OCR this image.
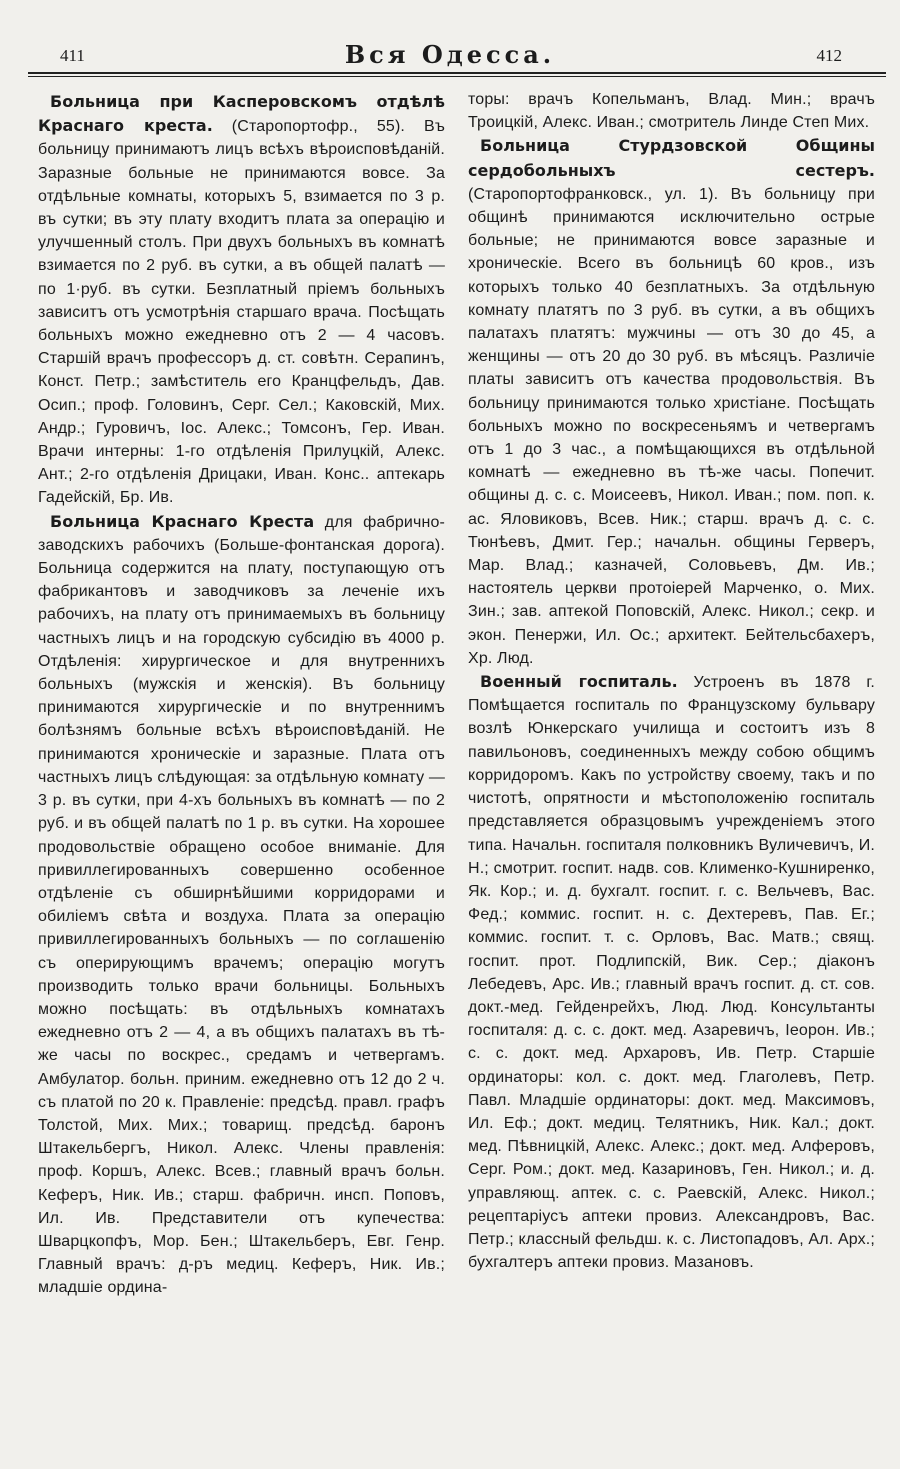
411	Вся Одесса.	412

Больница при Касперовскомъ отдѣлѣ Краснаго креста. (Старопортофр., 55). Въ больницу принимаютъ лицъ всѣхъ вѣроисповѣданій. Заразные больные не принимаются вовсе. За отдѣльные комнаты, которыхъ 5, взимается по 3 р. въ сутки; въ эту плату входитъ плата за операцію и улучшенный столъ. При двухъ больныхъ въ комнатѣ взимается по 2 руб. въ сутки, а въ общей палатѣ — по 1·руб. въ сутки. Безплатный пріемъ больныхъ зависитъ отъ усмотрѣнія старшаго врача. Посѣщать больныхъ можно ежедневно отъ 2 — 4 часовъ. Старшій врачъ профессоръ д. ст. совѣтн. Серапинъ, Конст. Петр.; замѣститель его Кранцфельдъ, Дав. Осип.; проф. Головинъ, Серг. Сел.; Каковскій, Мих. Андр.; Гуровичъ, Іос. Алекс.; Томсонъ, Гер. Иван. Врачи интерны: 1-го отдѣленія Прилуцкій, Алекс. Ант.; 2-го отдѣленія Дрицаки, Иван. Конс.. аптекарь Гадейскій, Бр. Ив.

Больница Краснаго Креста для фабрично-заводскихъ рабочихъ (Больше-фонтанская дорога). Больница содержится на плату, поступающую отъ фабрикантовъ и заводчиковъ за леченіе ихъ рабочихъ, на плату отъ принимаемыхъ въ больницу частныхъ лицъ и на городскую субсидію въ 4000 р. Отдѣленія: хирургическое и для внутреннихъ больныхъ (мужскія и женскія). Въ больницу принимаются хирургическіе и по внутреннимъ болѣзнямъ больные всѣхъ вѣроисповѣданій. Не принимаются хроническіе и заразные. Плата отъ частныхъ лицъ слѣдующая: за отдѣльную комнату — 3 р. въ сутки, при 4-хъ больныхъ въ комнатѣ — по 2 руб. и въ общей палатѣ по 1 р. въ сутки. На хорошее продовольствіе обращено особое вниманіе. Для привиллегированныхъ совершенно особенное отдѣленіе съ обширнѣйшими корридорами и обиліемъ свѣта и воздуха. Плата за операцію привиллегированныхъ больныхъ — по соглашенію съ оперирующимъ врачемъ; операцію могутъ производить только врачи больницы. Больныхъ можно посѣщать: въ отдѣльныхъ комнатахъ ежедневно отъ 2 — 4, а въ общихъ палатахъ въ тѣ-же часы по воскрес., средамъ и четвергамъ. Амбулатор. больн. приним. ежедневно отъ 12 до 2 ч. съ платой по 20 к. Правленіе: предсѣд. правл. графъ Толстой, Мих. Мих.; товарищ. предсѣд. баронъ Штакельбергъ, Никол. Алекс. Члены правленія: проф. Коршъ, Алекс. Всев.; главный врачъ больн. Кеферъ, Ник. Ив.; старш. фабричн. инсп. Поповъ, Ил. Ив. Представители отъ купечества: Шварцкопфъ, Мор. Бен.; Штакельберъ, Евг. Генр. Главный врачъ: д-ръ медиц. Кеферъ, Ник. Ив.; младшіе ордина-

торы: врачъ Копельманъ, Влад. Мин.; врачъ Троицкій, Алекс. Иван.; смотритель Линде Степ Мих.

Больница Стурдзовской Общины сердобольныхъ сестеръ. (Старопортофранковск., ул. 1). Въ больницу при общинѣ принимаются исключительно острые больные; не принимаются вовсе заразные и хроническіе. Всего въ больницѣ 60 кров., изъ которыхъ только 40 безплатныхъ. За отдѣльную комнату платятъ по 3 руб. въ сутки, а въ общихъ палатахъ платятъ: мужчины — отъ 30 до 45, а женщины — отъ 20 до 30 руб. въ мѣсяцъ. Различіе платы зависитъ отъ качества продовольствія. Въ больницу принимаются только христіане. Посѣщать больныхъ можно по воскресеньямъ и четвергамъ отъ 1 до 3 час., а помѣщающихся въ отдѣльной комнатѣ — ежедневно въ тѣ-же часы. Попечит. общины д. с. с. Моисеевъ, Никол. Иван.; пом. поп. к. ас. Яловиковъ, Всев. Ник.; старш. врачъ д. с. с. Тюнѣевъ, Дмит. Гер.; начальн. общины Герверъ, Мар. Влад.; казначей, Соловьевъ, Дм. Ив.; настоятель церкви протоіерей Марченко, о. Мих. Зин.; зав. аптекой Поповскій, Алекс. Никол.; секр. и экон. Пенержи, Ил. Ос.; архитект. Бейтельсбахеръ, Хр. Люд.

Военный госпиталь. Устроенъ въ 1878 г. Помѣщается госпиталь по Французскому бульвару возлѣ Юнкерскаго училища и состоитъ изъ 8 павильоновъ, соединенныхъ между собою общимъ корридоромъ. Какъ по устройству своему, такъ и по чистотѣ, опрятности и мѣстоположенію госпиталь представляется образцовымъ учрежденіемъ этого типа. Начальн. госпиталя полковникъ Вуличевичъ, И. Н.; смотрит. госпит. надв. сов. Клименко-Кушниренко, Як. Кор.; и. д. бухгалт. госпит. г. с. Вельчевъ, Вас. Фед.; коммис. госпит. н. с. Дехтеревъ, Пав. Ег.; коммис. госпит. т. с. Орловъ, Вас. Матв.; свящ. госпит. прот. Подлипскій, Вик. Сер.; діаконъ Лебедевъ, Арс. Ив.; главный врачъ госпит. д. ст. сов. докт.-мед. Гейденрейхъ, Люд. Люд. Консультанты госпиталя: д. с. с. докт. мед. Азаревичъ, Іеорон. Ив.; с. с. докт. мед. Архаровъ, Ив. Петр. Старшіе ординаторы: кол. с. докт. мед. Глаголевъ, Петр. Павл. Младшіе ординаторы: докт. мед. Максимовъ, Ил. Еф.; докт. медиц. Телятникъ, Ник. Кал.; докт. мед. Пѣвницкій, Алекс. Алекс.; докт. мед. Алферовъ, Серг. Ром.; докт. мед. Казариновъ, Ген. Никол.; и. д. управляющ. аптек. с. с. Раевскій, Алекс. Никол.; рецептаріусъ аптеки провиз. Александровъ, Вас. Петр.; классный фельдш. к. с. Листопадовъ, Ал. Арх.; бухгалтеръ аптеки провиз. Мазановъ.
